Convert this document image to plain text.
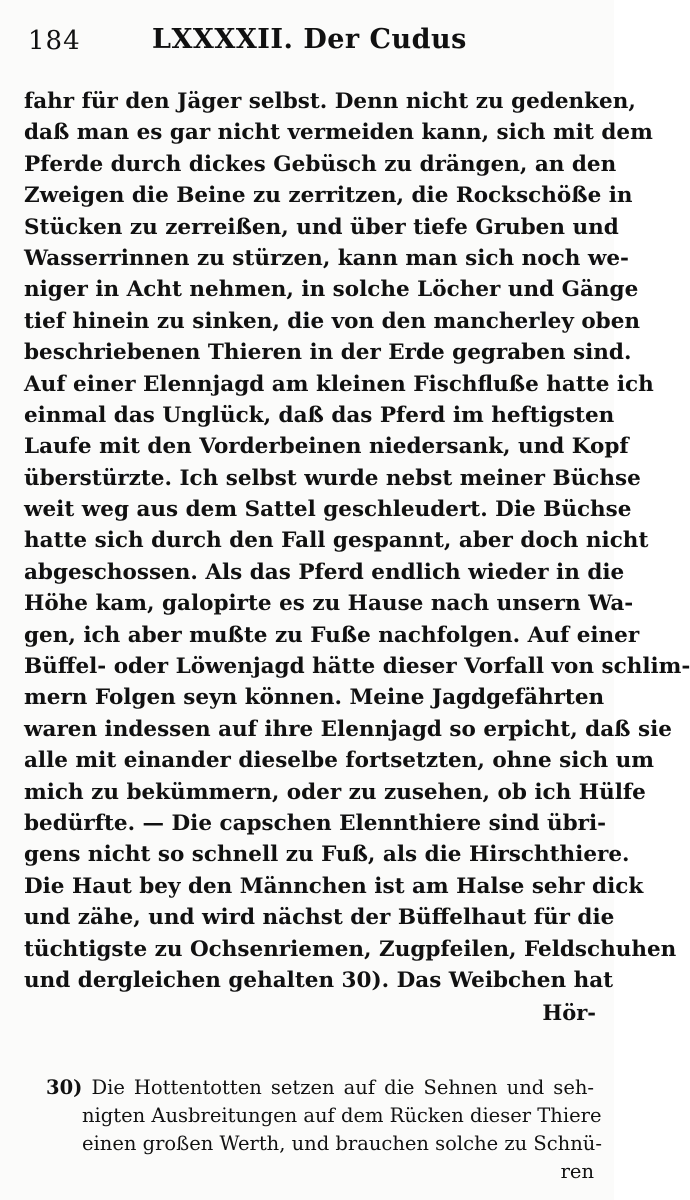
184	LXXXXII. Der Cudus
fahr für den Jäger selbst. Denn nicht zu gedenken,
daß man es gar nicht vermeiden kann, sich mit dem
Pferde durch dickes Gebüsch zu drängen, an den
Zweigen die Beine zu zerritzen, die Rockschöße in
Stücken zu zerreißen, und über tiefe Gruben und
Wasserrinnen zu stürzen, kann man sich noch we-
niger in Acht nehmen, in solche Löcher und Gänge
tief hinein zu sinken, die von den mancherley oben
beschriebenen Thieren in der Erde gegraben sind.
Auf einer Elennjagd am kleinen Fischfluße hatte ich
einmal das Unglück, daß das Pferd im heftigsten
Laufe mit den Vorderbeinen niedersank, und Kopf
überstürzte. Ich selbst wurde nebst meiner Büchse
weit weg aus dem Sattel geschleudert. Die Büchse
hatte sich durch den Fall gespannt, aber doch nicht
abgeschossen. Als das Pferd endlich wieder in die
Höhe kam, galopirte es zu Hause nach unsern Wa-
gen, ich aber mußte zu Fuße nachfolgen. Auf einer
Büffel- oder Löwenjagd hätte dieser Vorfall von schlim-
mern Folgen seyn können. Meine Jagdgefährten
waren indessen auf ihre Elennjagd so erpicht, daß sie
alle mit einander dieselbe fortsetzten, ohne sich um
mich zu bekümmern, oder zu zusehen, ob ich Hülfe
bedürfte. — Die capschen Elennthiere sind übri-
gens nicht so schnell zu Fuß, als die Hirschthiere.
Die Haut bey den Männchen ist am Halse sehr dick
und zähe, und wird nächst der Büffelhaut für die
tüchtigste zu Ochsenriemen, Zugpfeilen, Feldschuhen
und dergleichen gehalten 30). Das Weibchen hat
Hör-
30) Die Hottentotten setzen auf die Sehnen und seh-
nigten Ausbreitungen auf dem Rücken dieser Thiere
einen großen Werth, und brauchen solche zu Schnü-
ren
